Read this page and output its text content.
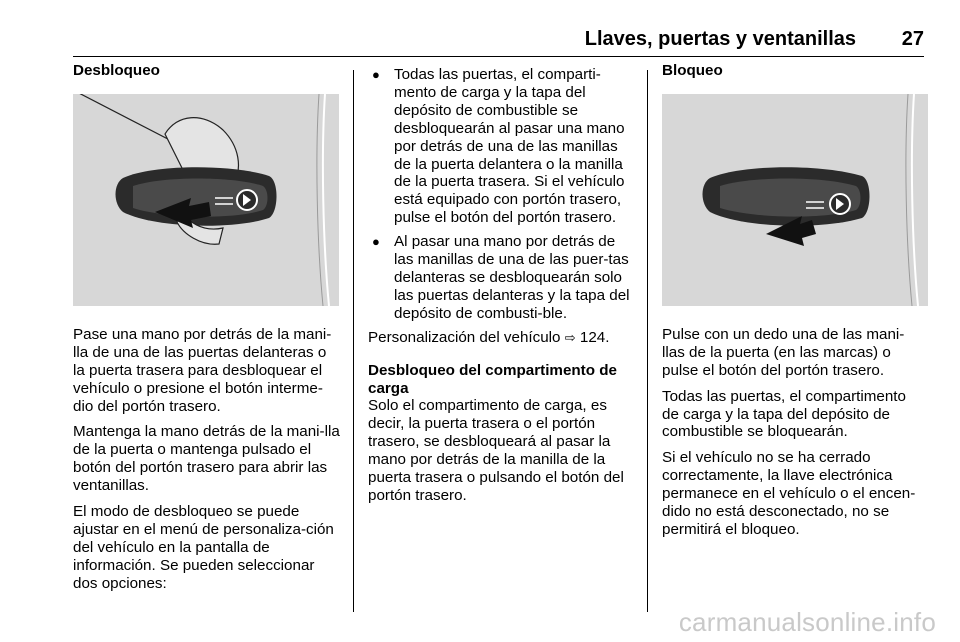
Llaves, puertas y ventanillas 27
Desbloqueo

Pase una mano por detrás de la mani-lla de una de las puertas delanteras o la puerta trasera para desbloquear el vehículo o presione el botón interme-dio del portón trasero.

Mantenga la mano detrás de la mani-lla de la puerta o mantenga pulsado el botón del portón trasero para abrir las ventanillas.

El modo de desbloqueo se puede ajustar en el menú de personaliza-ción del vehículo en la pantalla de información. Se pueden seleccionar dos opciones:

● Todas las puertas, el comparti-mento de carga y la tapa del depósito de combustible se desbloquearán al pasar una mano por detrás de una de las manillas de la puerta delantera o la manilla de la puerta trasera. Si el vehículo está equipado con portón trasero, pulse el botón del portón trasero.
● Al pasar una mano por detrás de las manillas de una de las puer-tas delanteras se desbloquearán solo las puertas delanteras y la tapa del depósito de combusti-ble.

Personalización del vehículo ⇨ 124.

Desbloqueo del compartimento de carga

Solo el compartimento de carga, es decir, la puerta trasera o el portón trasero, se desbloqueará al pasar la mano por detrás de la manilla de la puerta trasera o pulsando el botón del portón trasero.

Bloqueo

Pulse con un dedo una de las mani-llas de la puerta (en las marcas) o pulse el botón del portón trasero.

Todas las puertas, el compartimento de carga y la tapa del depósito de combustible se bloquearán.

Si el vehículo no se ha cerrado correctamente, la llave electrónica permanece en el vehículo o el encen-dido no está desconectado, no se permitirá el bloqueo.

carmanualsonline.info
